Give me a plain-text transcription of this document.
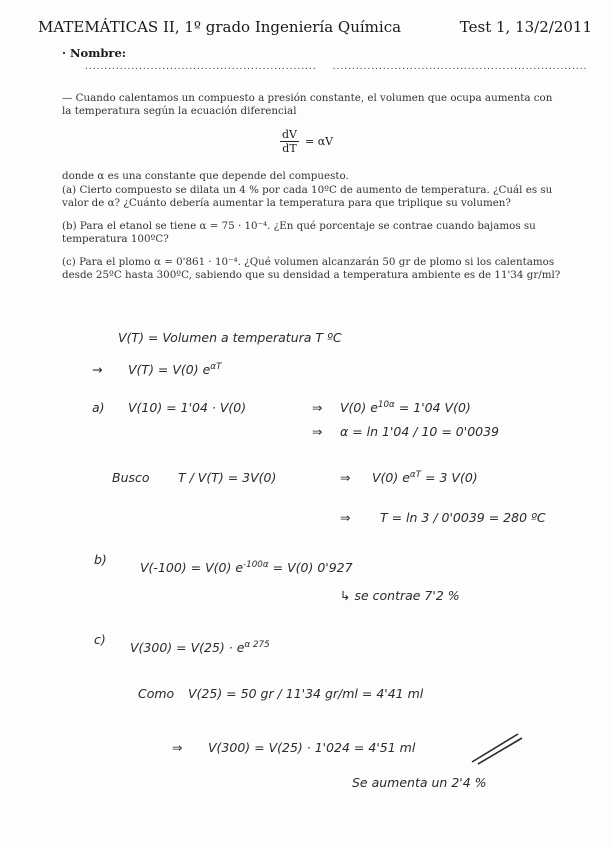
MATEMÁTICAS II, 1º grado Ingeniería Química	Test 1, 13/2/2011
· Nombre:
............................................................ ..................................................................
— Cuando calentamos un compuesto a presión constante, el volumen que ocupa aumenta con la temperatura según la ecuación diferencial
$\frac{dV}{dT} = \alpha V$
donde α es una constante que depende del compuesto.
(a) Cierto compuesto se dilata un 4 % por cada 10ºC de aumento de temperatura. ¿Cuál es su valor de α? ¿Cuánto debería aumentar la temperatura para que triplique su volumen?
(b) Para el etanol se tiene α = 75 · 10⁻⁴. ¿En qué porcentaje se contrae cuando bajamos su temperatura 100ºC?
(c) Para el plomo α = 0'861 · 10⁻⁴. ¿Qué volumen alcanzarán 50 gr de plomo si los calentamos desde 25ºC hasta 300ºC, sabiendo que su densidad a temperatura ambiente es de 11'34 gr/ml?
V(T) = Volumen a temperatura T ºC
→ V(T) = V(0) $e^{\alpha T}$
a) V(10) = 1'04 · V(0)	⇒ V(0) $e^{10\alpha} = 1'04$ V(0)
⇒ α = ln 1'04 / 10 = 0'0039
Busco T / V(T) = 3V(0)	⇒ V(0) $e^{\alpha T} = 3$ V(0)
⇒ T = ln 3 / 0'0039 = 280 ºC
b)
V(-100) = V(0) $e^{-100\alpha} = V(0)$ 0'927
↳ se contrae 7'2 %
c)
$V(300) = V(25) \cdot e^{\alpha 275}$
Como V(25) = 50 gr / 11'34 gr/ml = 4'41 ml
⇒ V(300) = V(25) · 1'024 = 4'51 ml
Se aumenta un 2'4 %
